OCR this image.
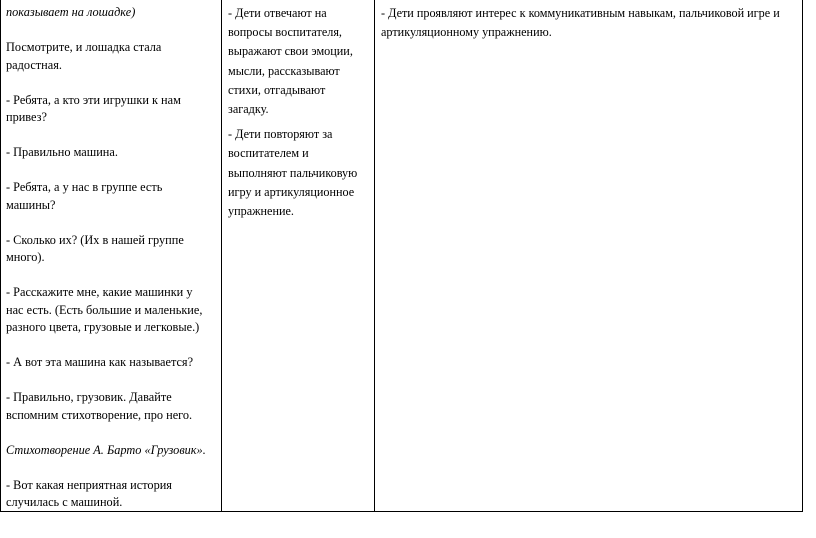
показывает на лошадке)

Посмотрите, и лошадка стала радостная.

- Ребята, а кто эти игрушки к нам привез?

- Правильно машина.

- Ребята, а у нас в группе есть машины?

- Сколько их? (Их в нашей группе много).

- Расскажите мне, какие машинки у нас есть. (Есть большие и маленькие, разного цвета, грузовые и легковые.)

- А вот эта машина как называется?

- Правильно, грузовик. Давайте вспомним стихотворение, про него.

Стихотворение А. Барто «Грузовик».

- Вот какая неприятная история случилась с машиной.

- Дети отвечают на вопросы воспитателя, выражают свои эмоции, мысли, рассказывают стихи, отгадывают загадку.

- Дети повторяют за воспитателем и выполняют пальчиковую игру и артикуляционное упражнение.

- Дети проявляют интерес к коммуникативным навыкам, пальчиковой игре и артикуляционному упражнению.
